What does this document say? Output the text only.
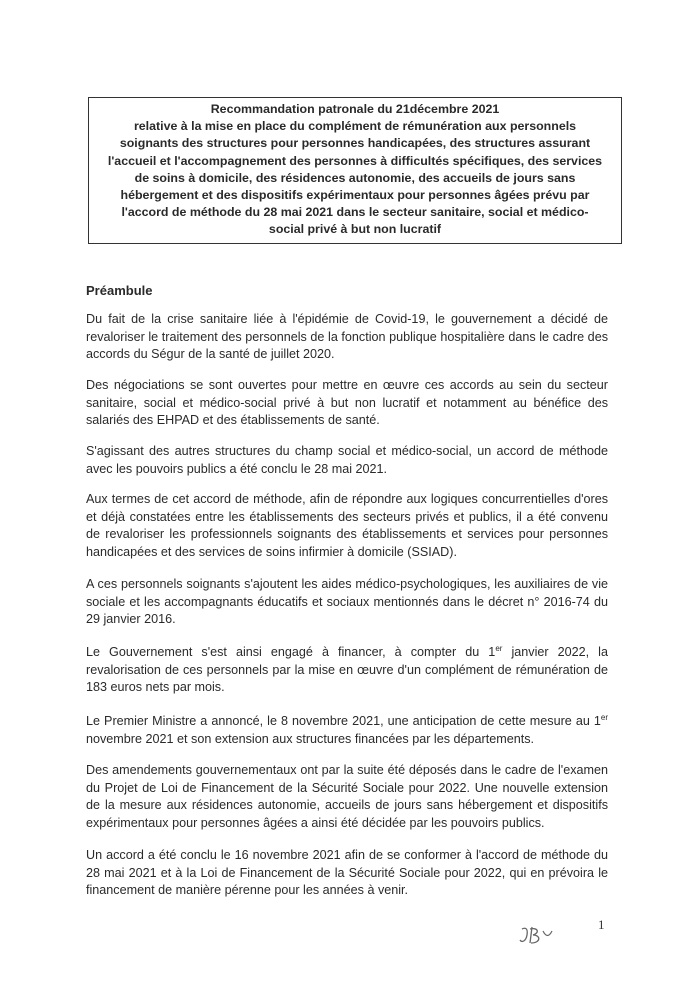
Recommandation patronale du 21décembre 2021
relative à la mise en place du complément de rémunération aux personnels
soignants des structures pour personnes handicapées, des structures assurant
l'accueil et l'accompagnement des personnes à difficultés spécifiques, des services
de soins à domicile, des résidences autonomie, des accueils de jours sans
hébergement et des dispositifs expérimentaux pour personnes âgées prévu par
l'accord de méthode du 28 mai 2021 dans le secteur sanitaire, social et médico-
social privé à but non lucratif
Préambule

Du fait de la crise sanitaire liée à l'épidémie de Covid-19, le gouvernement a décidé de revaloriser le traitement des personnels de la fonction publique hospitalière dans le cadre des accords du Ségur de la santé de juillet 2020.

Des négociations se sont ouvertes pour mettre en œuvre ces accords au sein du secteur sanitaire, social et médico-social privé à but non lucratif et notamment au bénéfice des salariés des EHPAD et des établissements de santé.

S'agissant des autres structures du champ social et médico-social, un accord de méthode avec les pouvoirs publics a été conclu le 28 mai 2021.

Aux termes de cet accord de méthode, afin de répondre aux logiques concurrentielles d'ores et déjà constatées entre les établissements des secteurs privés et publics, il a été convenu de revaloriser les professionnels soignants des établissements et services pour personnes handicapées et des services de soins infirmier à domicile (SSIAD).

A ces personnels soignants s'ajoutent les aides médico-psychologiques, les auxiliaires de vie sociale et les accompagnants éducatifs et sociaux mentionnés dans le décret n° 2016-74 du 29 janvier 2016.

Le Gouvernement s'est ainsi engagé à financer, à compter du 1er janvier 2022, la revalorisation de ces personnels par la mise en œuvre d'un complément de rémunération de 183 euros nets par mois.

Le Premier Ministre a annoncé, le 8 novembre 2021, une anticipation de cette mesure au 1er novembre 2021 et son extension aux structures financées par les départements.

Des amendements gouvernementaux ont par la suite été déposés dans le cadre de l'examen du Projet de Loi de Financement de la Sécurité Sociale pour 2022. Une nouvelle extension de la mesure aux résidences autonomie, accueils de jours sans hébergement et dispositifs expérimentaux pour personnes âgées a ainsi été décidée par les pouvoirs publics.

Un accord a été conclu le 16 novembre 2021 afin de se conformer à l'accord de méthode du 28 mai 2021 et à la Loi de Financement de la Sécurité Sociale pour 2022, qui en prévoira le financement de manière pérenne pour les années à venir.

1
